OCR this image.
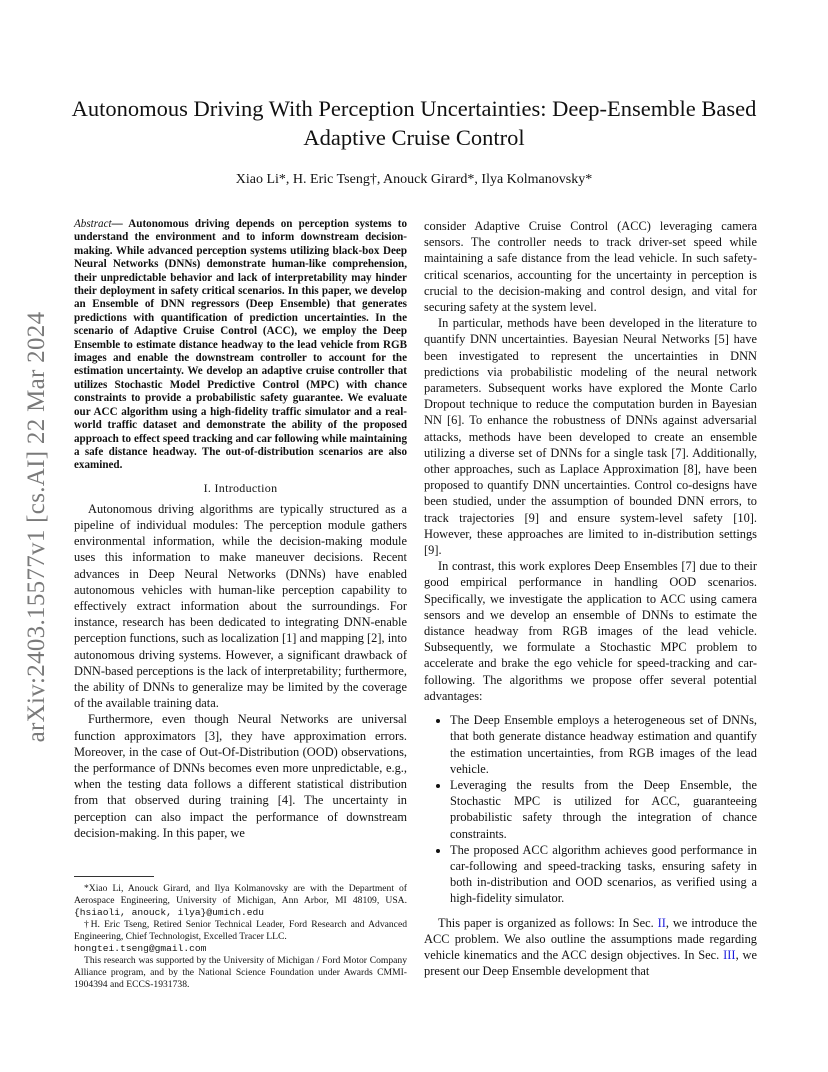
arXiv:2403.15577v1 [cs.AI] 22 Mar 2024
Autonomous Driving With Perception Uncertainties: Deep-Ensemble Based Adaptive Cruise Control
Xiao Li*, H. Eric Tseng†, Anouck Girard*, Ilya Kolmanovsky*

Abstract— Autonomous driving depends on perception systems to understand the environment and to inform downstream decision-making. While advanced perception systems utilizing black-box Deep Neural Networks (DNNs) demonstrate human-like comprehension, their unpredictable behavior and lack of interpretability may hinder their deployment in safety critical scenarios. In this paper, we develop an Ensemble of DNN regressors (Deep Ensemble) that generates predictions with quantification of prediction uncertainties. In the scenario of Adaptive Cruise Control (ACC), we employ the Deep Ensemble to estimate distance headway to the lead vehicle from RGB images and enable the downstream controller to account for the estimation uncertainty. We develop an adaptive cruise controller that utilizes Stochastic Model Predictive Control (MPC) with chance constraints to provide a probabilistic safety guarantee. We evaluate our ACC algorithm using a high-fidelity traffic simulator and a real-world traffic dataset and demonstrate the ability of the proposed approach to effect speed tracking and car following while maintaining a safe distance headway. The out-of-distribution scenarios are also examined.

I. Introduction

Autonomous driving algorithms are typically structured as a pipeline of individual modules: The perception module gathers environmental information, while the decision-making module uses this information to make maneuver decisions. Recent advances in Deep Neural Networks (DNNs) have enabled autonomous vehicles with human-like perception capability to effectively extract information about the surroundings. For instance, research has been dedicated to integrating DNN-enable perception functions, such as localization [1] and mapping [2], into autonomous driving systems. However, a significant drawback of DNN-based perceptions is the lack of interpretability; furthermore, the ability of DNNs to generalize may be limited by the coverage of the available training data.

Furthermore, even though Neural Networks are universal function approximators [3], they have approximation errors. Moreover, in the case of Out-Of-Distribution (OOD) observations, the performance of DNNs becomes even more unpredictable, e.g., when the testing data follows a different statistical distribution from that observed during training [4]. The uncertainty in perception can also impact the performance of downstream decision-making. In this paper, we

*Xiao Li, Anouck Girard, and Ilya Kolmanovsky are with the Department of Aerospace Engineering, University of Michigan, Ann Arbor, MI 48109, USA. {hsiaoli, anouck, ilya}@umich.edu

†H. Eric Tseng, Retired Senior Technical Leader, Ford Research and Advanced Engineering, Chief Technologist, Excelled Tracer LLC.
hongtei.tseng@gmail.com

This research was supported by the University of Michigan / Ford Motor Company Alliance program, and by the National Science Foundation under Awards CMMI-1904394 and ECCS-1931738.

consider Adaptive Cruise Control (ACC) leveraging camera sensors. The controller needs to track driver-set speed while maintaining a safe distance from the lead vehicle. In such safety-critical scenarios, accounting for the uncertainty in perception is crucial to the decision-making and control design, and vital for securing safety at the system level.

In particular, methods have been developed in the literature to quantify DNN uncertainties. Bayesian Neural Networks [5] have been investigated to represent the uncertainties in DNN predictions via probabilistic modeling of the neural network parameters. Subsequent works have explored the Monte Carlo Dropout technique to reduce the computation burden in Bayesian NN [6]. To enhance the robustness of DNNs against adversarial attacks, methods have been developed to create an ensemble utilizing a diverse set of DNNs for a single task [7]. Additionally, other approaches, such as Laplace Approximation [8], have been proposed to quantify DNN uncertainties. Control co-designs have been studied, under the assumption of bounded DNN errors, to track trajectories [9] and ensure system-level safety [10]. However, these approaches are limited to in-distribution settings [9].

In contrast, this work explores Deep Ensembles [7] due to their good empirical performance in handling OOD scenarios. Specifically, we investigate the application to ACC using camera sensors and we develop an ensemble of DNNs to estimate the distance headway from RGB images of the lead vehicle. Subsequently, we formulate a Stochastic MPC problem to accelerate and brake the ego vehicle for speed-tracking and car-following. The algorithms we propose offer several potential advantages:

• The Deep Ensemble employs a heterogeneous set of DNNs, that both generate distance headway estimation and quantify the estimation uncertainties, from RGB images of the lead vehicle.
• Leveraging the results from the Deep Ensemble, the Stochastic MPC is utilized for ACC, guaranteeing probabilistic safety through the integration of chance constraints.
• The proposed ACC algorithm achieves good performance in car-following and speed-tracking tasks, ensuring safety in both in-distribution and OOD scenarios, as verified using a high-fidelity simulator.

This paper is organized as follows: In Sec. II, we introduce the ACC problem. We also outline the assumptions made regarding vehicle kinematics and the ACC design objectives. In Sec. III, we present our Deep Ensemble development that
